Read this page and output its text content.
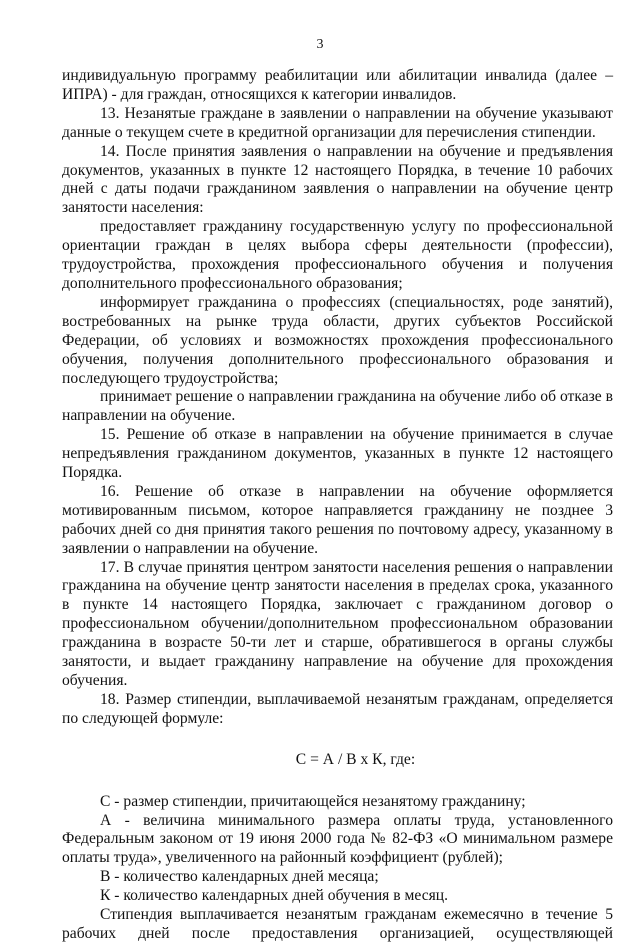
3

индивидуальную программу реабилитации или абилитации инвалида (далее – ИПРА) - для граждан, относящихся к категории инвалидов.

13. Незанятые граждане в заявлении о направлении на обучение указывают данные о текущем счете в кредитной организации для перечисления стипендии.

14. После принятия заявления о направлении на обучение и предъявления документов, указанных в пункте 12 настоящего Порядка, в течение 10 рабочих дней с даты подачи гражданином заявления о направлении на обучение центр занятости населения:

предоставляет гражданину государственную услугу по профессиональной ориентации граждан в целях выбора сферы деятельности (профессии), трудоустройства, прохождения профессионального обучения и получения дополнительного профессионального образования;

информирует гражданина о профессиях (специальностях, роде занятий), востребованных на рынке труда области, других субъектов Российской Федерации, об условиях и возможностях прохождения профессионального обучения, получения дополнительного профессионального образования и последующего трудоустройства;

принимает решение о направлении гражданина на обучение либо об отказе в направлении на обучение.

15. Решение об отказе в направлении на обучение принимается в случае непредъявления гражданином документов, указанных в пункте 12 настоящего Порядка.

16. Решение об отказе в направлении на обучение оформляется мотивированным письмом, которое направляется гражданину не позднее 3 рабочих дней со дня принятия такого решения по почтовому адресу, указанному в заявлении о направлении на обучение.

17. В случае принятия центром занятости населения решения о направлении гражданина на обучение центр занятости населения в пределах срока, указанного в пункте 14 настоящего Порядка, заключает с гражданином договор о профессиональном обучении/дополнительном профессиональном образовании гражданина в возрасте 50-ти лет и старше, обратившегося в органы службы занятости, и выдает гражданину направление на обучение для прохождения обучения.

18. Размер стипендии, выплачиваемой незанятым гражданам, определяется по следующей формуле:

С = А / В х К, где:

С - размер стипендии, причитающейся незанятому гражданину;

А - величина минимального размера оплаты труда, установленного Федеральным законом от 19 июня 2000 года № 82-ФЗ «О минимальном размере оплаты труда», увеличенного на районный коэффициент (рублей);

В - количество календарных дней месяца;

К - количество календарных дней обучения в месяц.

Стипендия выплачивается незанятым гражданам ежемесячно в течение 5 рабочих дней после предоставления организацией, осуществляющей
